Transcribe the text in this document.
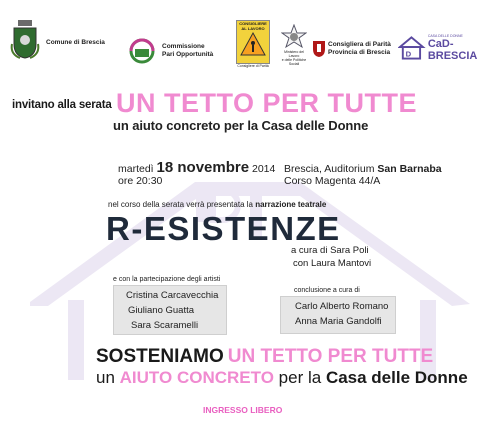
Comune di Brescia
Commissione
Pari Opportunità
CONSIGLIERE
AL LAVORO
Consigliere di Parità
Ministero del Lavoro
e delle Politiche Sociali
Consigliera di Parità
Provincia di Brescia D
CASA DELLE DONNE
CaD-BRESCIA
invitano alla serata UN TETTO PER TUTTE
un aiuto concreto per la Casa delle Donne
martedì 18 novembre 2014
ore 20:30
Brescia, Auditorium San Barnaba
Corso Magenta 44/A
nel corso della serata verrà presentata la narrazione teatrale
R-ESISTENZE
a cura di Sara Poli
con Laura Mantovi
e con la partecipazione degli artisti
Cristina Carcavecchia
Giuliano Guatta
Sara Scaramelli
conclusione a cura di
Carlo Alberto Romano
Anna Maria Gandolfi
SOSTENIAMO UN TETTO PER TUTTE
un AIUTO CONCRETO per la Casa delle Donne
INGRESSO LIBERO
